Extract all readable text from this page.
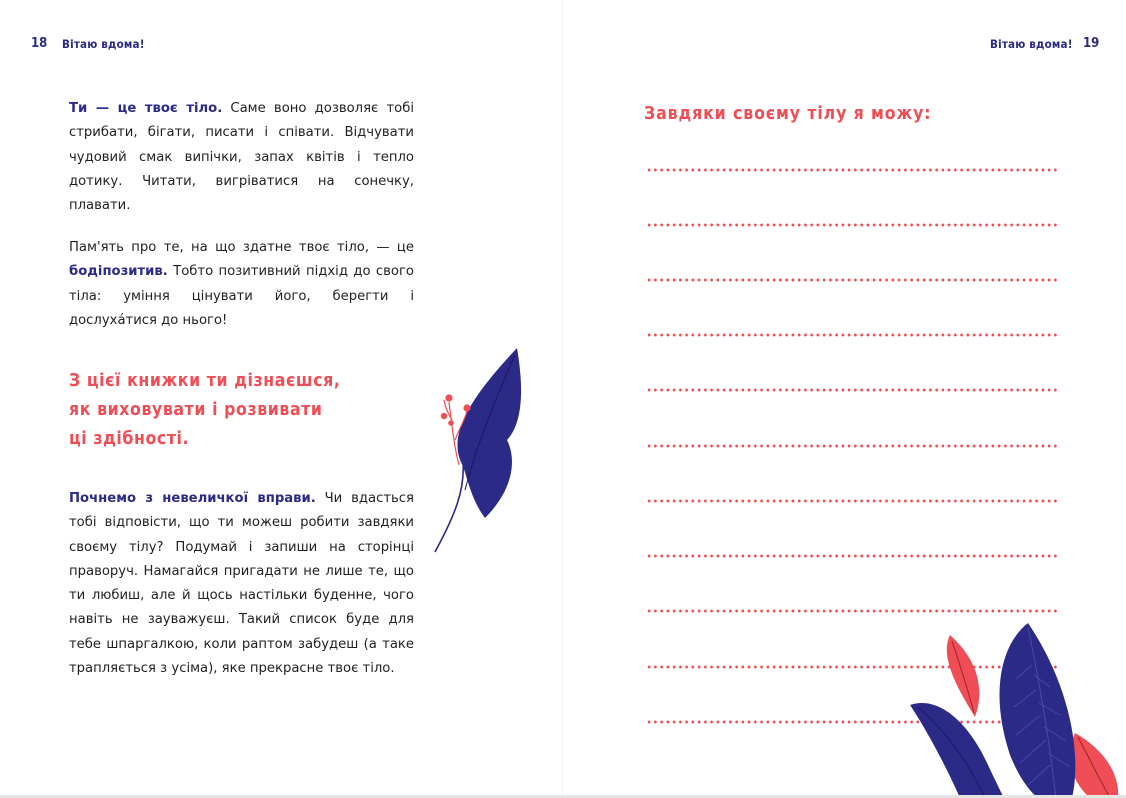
18 Вітаю вдома!

Ти — це твоє тіло. Саме воно дозволяє тобі стрибати, бігати, писати і співати. Відчувати чудовий смак випічки, запах квітів і тепло дотику. Читати, вигріватися на сонечку, плавати.

Пам'ять про те, на що здатне твоє тіло, — це бодіпозитив. Тобто позитивний підхід до свого тіла: уміння цінувати його, берегти і дослухáтися до нього!

З цієї книжки ти дізнаєшся,
як виховувати і розвивати
ці здібності.

Почнемо з невеличкої вправи. Чи вдасться тобі відповісти, що ти можеш робити завдяки своєму тілу? Подумай і запиши на сторінці праворуч. Намагайся пригадати не лише те, що ти любиш, але й щось настільки буденне, чого навіть не зауважуєш. Такий список буде для тебе шпаргалкою, коли раптом забудеш (а таке трапляється з усіма), яке прекрасне твоє тіло.

Вітаю вдома! 19
Завдяки своєму тілу я можу:
